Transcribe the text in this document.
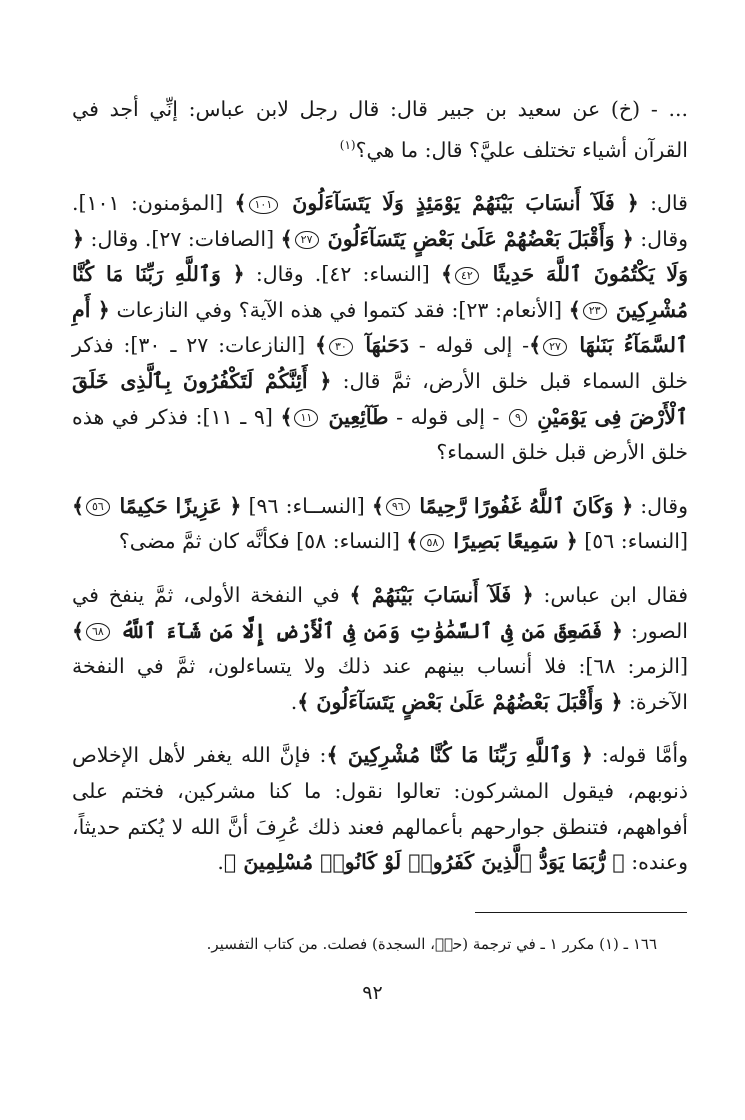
... - (خ) عن سعيد بن جبير قال: قال رجل لابن عباس: إنِّي أجد في القرآن أشياء تختلف عليَّ؟ قال: ما هي؟$^{(١)}$

قال: ﴿ فَلَآ أَنسَابَ بَيْنَهُمْ يَوْمَئِذٍ وَلَا يَتَسَآءَلُونَ ١٠١﴾ [المؤمنون: ١٠١]. وقال: ﴿ وَأَقْبَلَ بَعْضُهُمْ عَلَىٰ بَعْضٍ يَتَسَآءَلُونَ ٢٧﴾ [الصافات: ٢٧]. وقال: ﴿ وَلَا يَكْتُمُونَ ٱللَّهَ حَدِيثًا ٤٢﴾ [النساء: ٤٢]. وقال: ﴿ وَٱللَّهِ رَبِّنَا مَا كُنَّا مُشْرِكِينَ ٢٣﴾ [الأنعام: ٢٣]: فقد كتموا في هذه الآية؟ وفي النازعات ﴿ أَمِ ٱلسَّمَآءُ بَنَىٰهَا ٢٧﴾- إلى قوله - دَحَىٰهَآ ٣٠﴾ [النازعات: ٢٧ ـ ٣٠]: فذكر خلق السماء قبل خلق الأرض، ثمَّ قال: ﴿ أَئِنَّكُمْ لَتَكْفُرُونَ بِٱلَّذِى خَلَقَ ٱلْأَرْضَ فِى يَوْمَيْنِ ٩ - إلى قوله - طَآئِعِينَ ١١﴾ [٩ ـ ١١]: فذكر في هذه خلق الأرض قبل خلق السماء؟

وقال: ﴿ وَكَانَ ٱللَّهُ غَفُورًا رَّحِيمًا ٩٦﴾ [النســاء: ٩٦] ﴿ عَزِيزًا حَكِيمًا ٥٦﴾ [النساء: ٥٦] ﴿ سَمِيعًا بَصِيرًا ٥٨﴾ [النساء: ٥٨] فكأنَّه كان ثمَّ مضى؟

فقال ابن عباس: ﴿ فَلَآ أَنسَابَ بَيْنَهُمْ ﴾ في النفخة الأولى، ثمَّ ينفخ في الصور: ﴿ فَصَعِقَ مَن فِى ٱلسَّمَٰوَٰتِ وَمَن فِى ٱلْأَرْضِ إِلَّا مَن شَآءَ ٱللَّهُ ٦٨﴾ [الزمر: ٦٨]: فلا أنساب بينهم عند ذلك ولا يتساءلون، ثمَّ في النفخة الآخرة: ﴿ وَأَقْبَلَ بَعْضُهُمْ عَلَىٰ بَعْضٍ يَتَسَآءَلُونَ ﴾.

وأمَّا قوله: ﴿ وَٱللَّهِ رَبِّنَا مَا كُنَّا مُشْرِكِينَ ﴾: فإنَّ الله يغفر لأهل الإخلاص ذنوبهم، فيقول المشركون: تعالوا نقول: ما كنا مشركين، فختم على أفواههم، فتنطق جوارحهم بأعمالهم فعند ذلك عُرِفَ أنَّ الله لا يُكتم حديثاً، وعنده: ﴿ رُّبَمَا يَوَدُّ ٱلَّذِينَ كَفَرُوا۟ لَوْ كَانُوا۟ مُسْلِمِينَ ﴾.

١٦٦ ـ (١) مكرر ١ ـ في ترجمة (حمۤ، السجدة) فصلت. من كتاب التفسير.

٩٢
